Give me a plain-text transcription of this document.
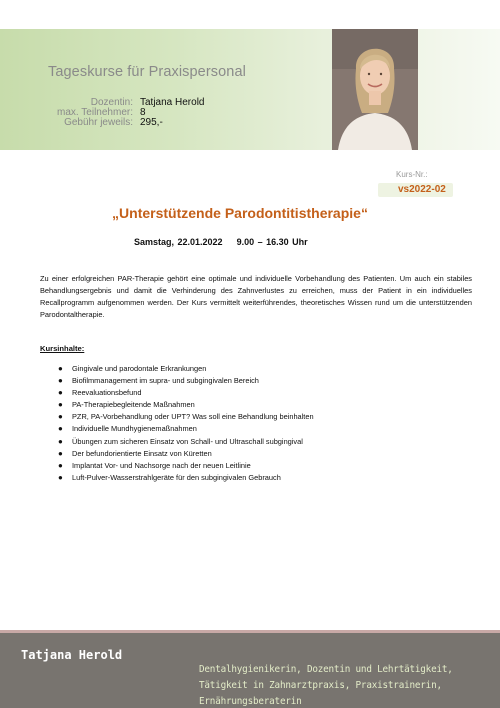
Tageskurse für Praxispersonal
Dozentin: Tatjana Herold
max. Teilnehmer: 8
Gebühr jeweils: 295,-
Kurs-Nr.:
vs2022-02
„Unterstützende Parodontitistherapie“
Samstag, 22.01.2022    9.00 – 16.30 Uhr
Zu einer erfolgreichen PAR-Therapie gehört eine optimale und individuelle Vorbehandlung des Patienten. Um auch ein stabiles Behandlungsergebnis und damit die Verhinderung des Zahnverlustes zu erreichen, muss der Patient in ein individuelles Recallprogramm aufgenommen werden. Der Kurs vermittelt weiterführendes, theoretisches Wissen rund um die unterstützenden Parodontaltherapie.
Kursinhalte:
● Gingivale und parodontale Erkrankungen
● Biofilmmanagement im supra- und subgingivalen Bereich
● Reevaluationsbefund
● PA-Therapiebegleitende Maßnahmen
● PZR, PA-Vorbehandlung oder UPT? Was soll eine Behandlung beinhalten
● Individuelle Mundhygienemaßnahmen
● Übungen zum sicheren Einsatz von Schall- und Ultraschall subgingival
● Der befundorientierte Einsatz von Küretten
● Implantat Vor- und Nachsorge nach der neuen Leitlinie
● Luft-Pulver-Wasserstrahlgeräte für den subgingivalen Gebrauch
Tatjana Herold
Dentalhygienikerin, Dozentin und Lehrtätigkeit, Tätigkeit in Zahnarztpraxis, Praxistrainerin, Ernährungsberaterin
